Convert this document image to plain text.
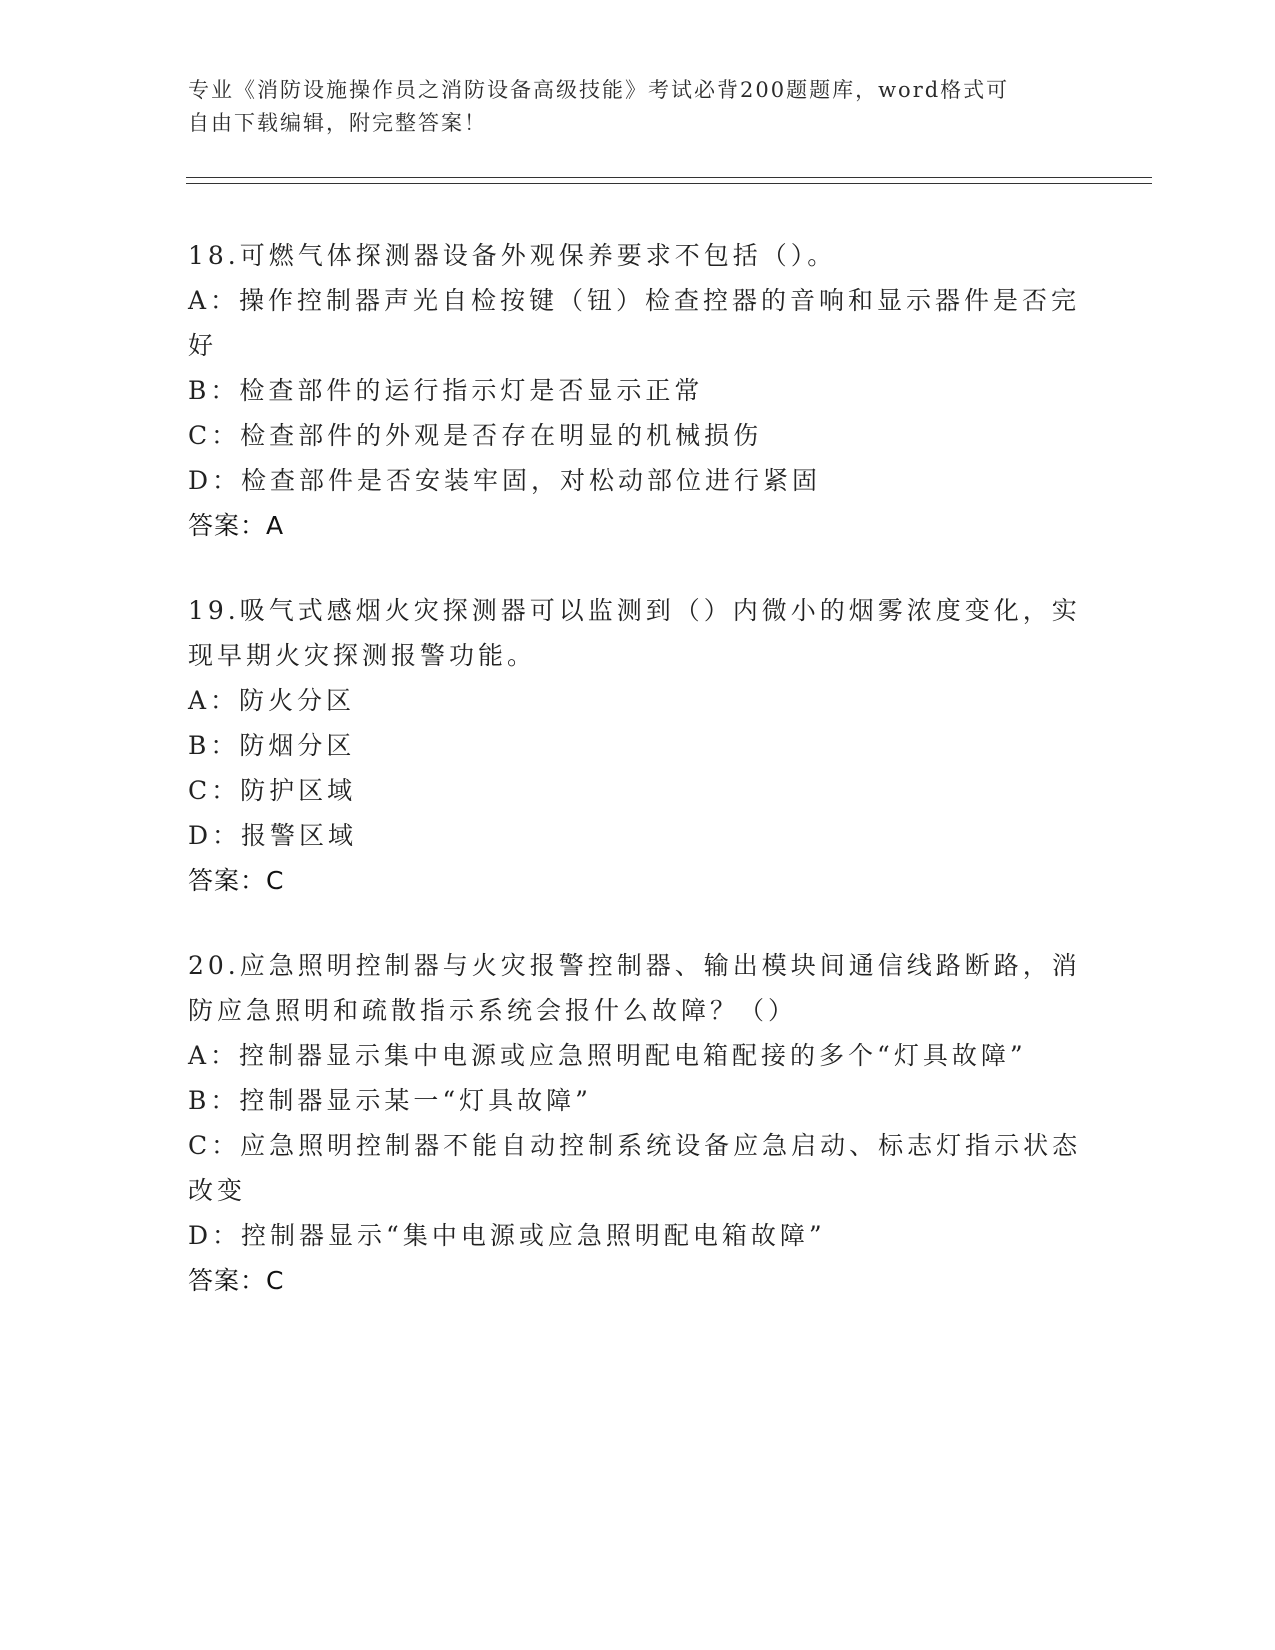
专业《消防设施操作员之消防设备高级技能》考试必背200题题库，word格式可
自由下载编辑，附完整答案！

18.可燃气体探测器设备外观保养要求不包括（）。

A：操作控制器声光自检按键（钮）检查控器的音响和显示器件是否完

好

B：检查部件的运行指示灯是否显示正常

C：检查部件的外观是否存在明显的机械损伤

D：检查部件是否安装牢固，对松动部位进行紧固

答案：A

19.吸气式感烟火灾探测器可以监测到（）内微小的烟雾浓度变化，实

现早期火灾探测报警功能。

A：防火分区

B：防烟分区

C：防护区域

D：报警区域

答案：C

20.应急照明控制器与火灾报警控制器、输出模块间通信线路断路，消

防应急照明和疏散指示系统会报什么故障？（）

A：控制器显示集中电源或应急照明配电箱配接的多个“灯具故障”

B：控制器显示某一“灯具故障”

C：应急照明控制器不能自动控制系统设备应急启动、标志灯指示状态

改变

D：控制器显示“集中电源或应急照明配电箱故障”

答案：C
